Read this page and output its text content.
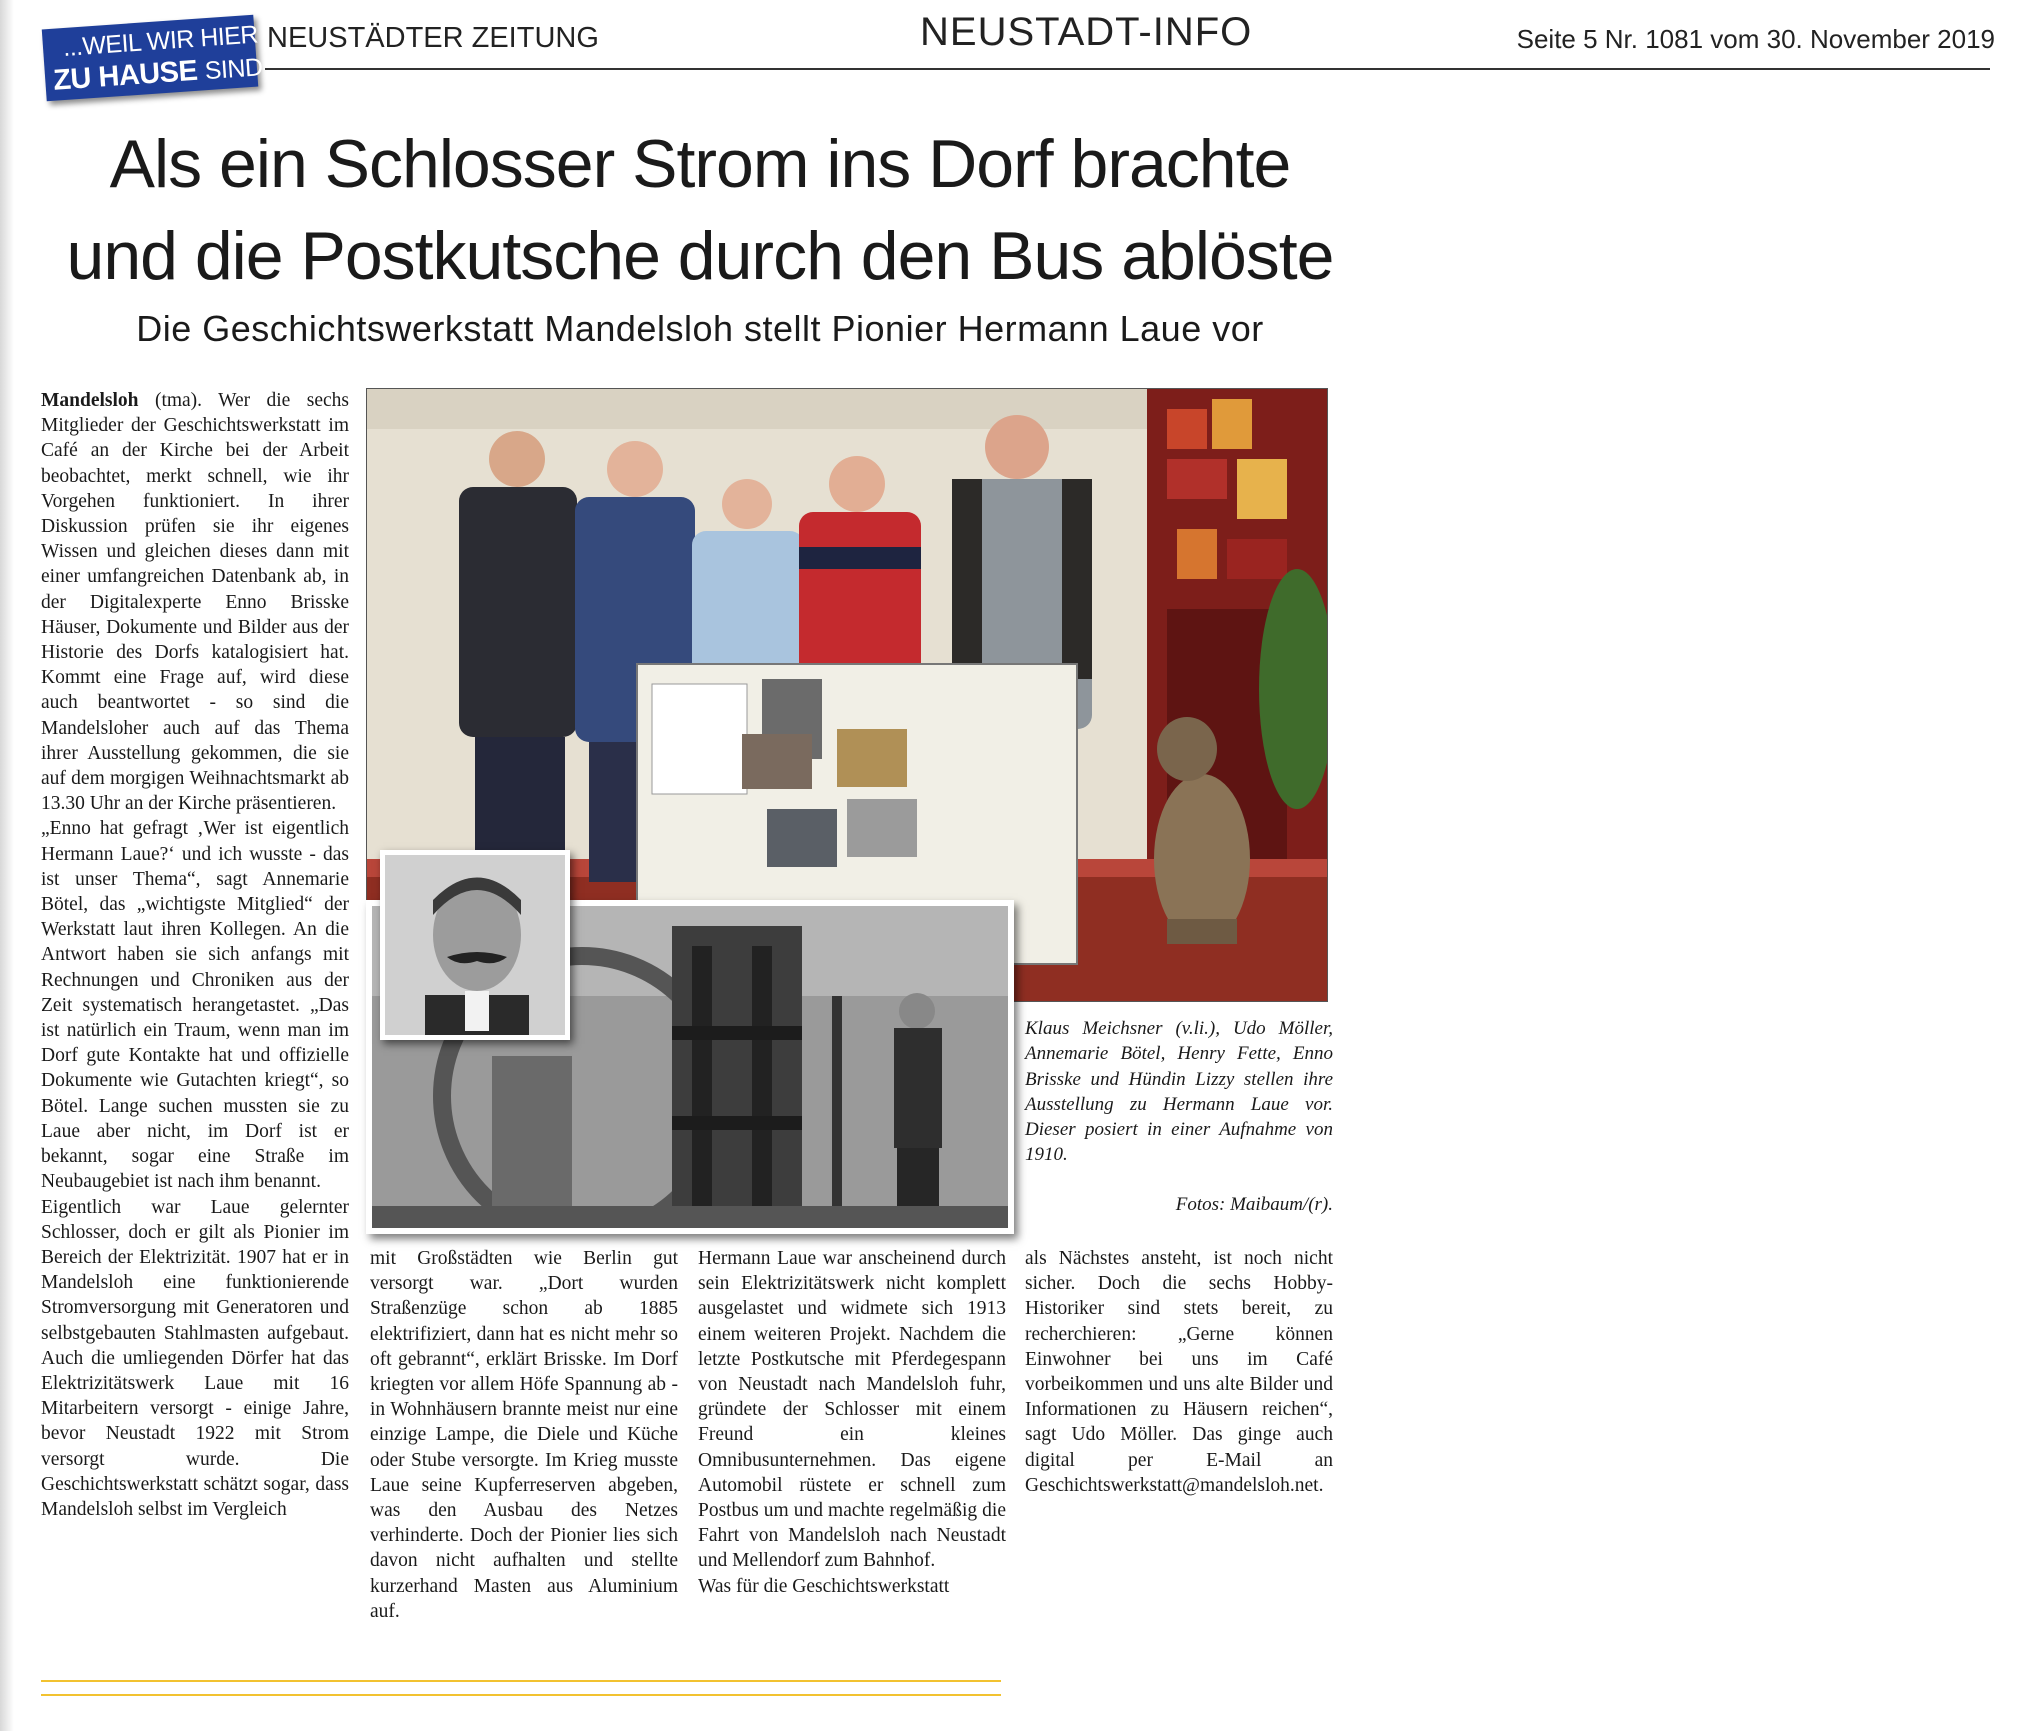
...WEIL WIR HIER
ZU HAUSE SIND
NEUSTÄDTER ZEITUNG	NEUSTADT-INFO	Seite 5 Nr. 1081 vom 30. November 2019
Als ein Schlosser Strom ins Dorf brachte
und die Postkutsche durch den Bus ablöste
Die Geschichtswerkstatt Mandelsloh stellt Pionier Hermann Laue vor
Klaus Meichsner (v.li.), Udo Möller, Annemarie Bötel, Henry Fette, Enno Brisske und Hündin Lizzy stellen ihre Ausstellung zu Hermann Laue vor. Dieser posiert in einer Aufnahme von 1910.
Fotos: Maibaum/(r).

Mandelsloh (tma). Wer die sechs Mitglieder der Geschichtswerkstatt im Café an der Kirche bei der Arbeit beobachtet, merkt schnell, wie ihr Vorgehen funktioniert. In ihrer Diskussion prüfen sie ihr eigenes Wissen und gleichen dieses dann mit einer umfangreichen Datenbank ab, in der Digitalexperte Enno Brisske Häuser, Dokumente und Bilder aus der Historie des Dorfs katalogisiert hat. Kommt eine Frage auf, wird diese auch beantwortet - so sind die Mandelsloher auch auf das Thema ihrer Ausstellung gekommen, die sie auf dem morgigen Weihnachtsmarkt ab 13.30 Uhr an der Kirche präsentieren.

„Enno hat gefragt ‚Wer ist eigentlich Hermann Laue?‘ und ich wusste - das ist unser Thema“, sagt Annemarie Bötel, das „wichtigste Mitglied“ der Werkstatt laut ihren Kollegen. An die Antwort haben sie sich anfangs mit Rechnungen und Chroniken aus der Zeit systematisch herangetastet. „Das ist natürlich ein Traum, wenn man im Dorf gute Kontakte hat und offizielle Dokumente wie Gutachten kriegt“, so Bötel. Lange suchen mussten sie zu Laue aber nicht, im Dorf ist er bekannt, sogar eine Straße im Neubaugebiet ist nach ihm benannt.

Eigentlich war Laue gelernter Schlosser, doch er gilt als Pionier im Bereich der Elektrizität. 1907 hat er in Mandelsloh eine funktionierende Stromversorgung mit Generatoren und selbstgebauten Stahlmasten aufgebaut. Auch die umliegenden Dörfer hat das Elektrizitätswerk Laue mit 16 Mitarbeitern versorgt - einige Jahre, bevor Neustadt 1922 mit Strom versorgt wurde. Die Geschichtswerkstatt schätzt sogar, dass Mandelsloh selbst im Vergleich

mit Großstädten wie Berlin gut versorgt war. „Dort wurden Straßenzüge schon ab 1885 elektrifiziert, dann hat es nicht mehr so oft gebrannt“, erklärt Brisske. Im Dorf kriegten vor allem Höfe Spannung ab - in Wohnhäusern brannte meist nur eine einzige Lampe, die Diele und Küche oder Stube versorgte. Im Krieg musste Laue seine Kupferreserven abgeben, was den Ausbau des Netzes verhinderte. Doch der Pionier lies sich davon nicht aufhalten und stellte kurzerhand Masten aus Aluminium auf.

Hermann Laue war anscheinend durch sein Elektrizitätswerk nicht komplett ausgelastet und widmete sich 1913 einem weiteren Projekt. Nachdem die letzte Postkutsche mit Pferdegespann von Neustadt nach Mandelsloh fuhr, gründete der Schlosser mit einem Freund ein kleines Omnibusunternehmen. Das eigene Automobil rüstete er schnell zum Postbus um und machte regelmäßig die Fahrt von Mandelsloh nach Neustadt und Mellendorf zum Bahnhof.

Was für die Geschichtswerkstatt

als Nächstes ansteht, ist noch nicht sicher. Doch die sechs Hobby-Historiker sind stets bereit, zu recherchieren: „Gerne können Einwohner bei uns im Café vorbeikommen und uns alte Bilder und Informationen zu Häusern reichen“, sagt Udo Möller. Das ginge auch digital per E-Mail an Geschichtswerkstatt@mandelsloh.net.
